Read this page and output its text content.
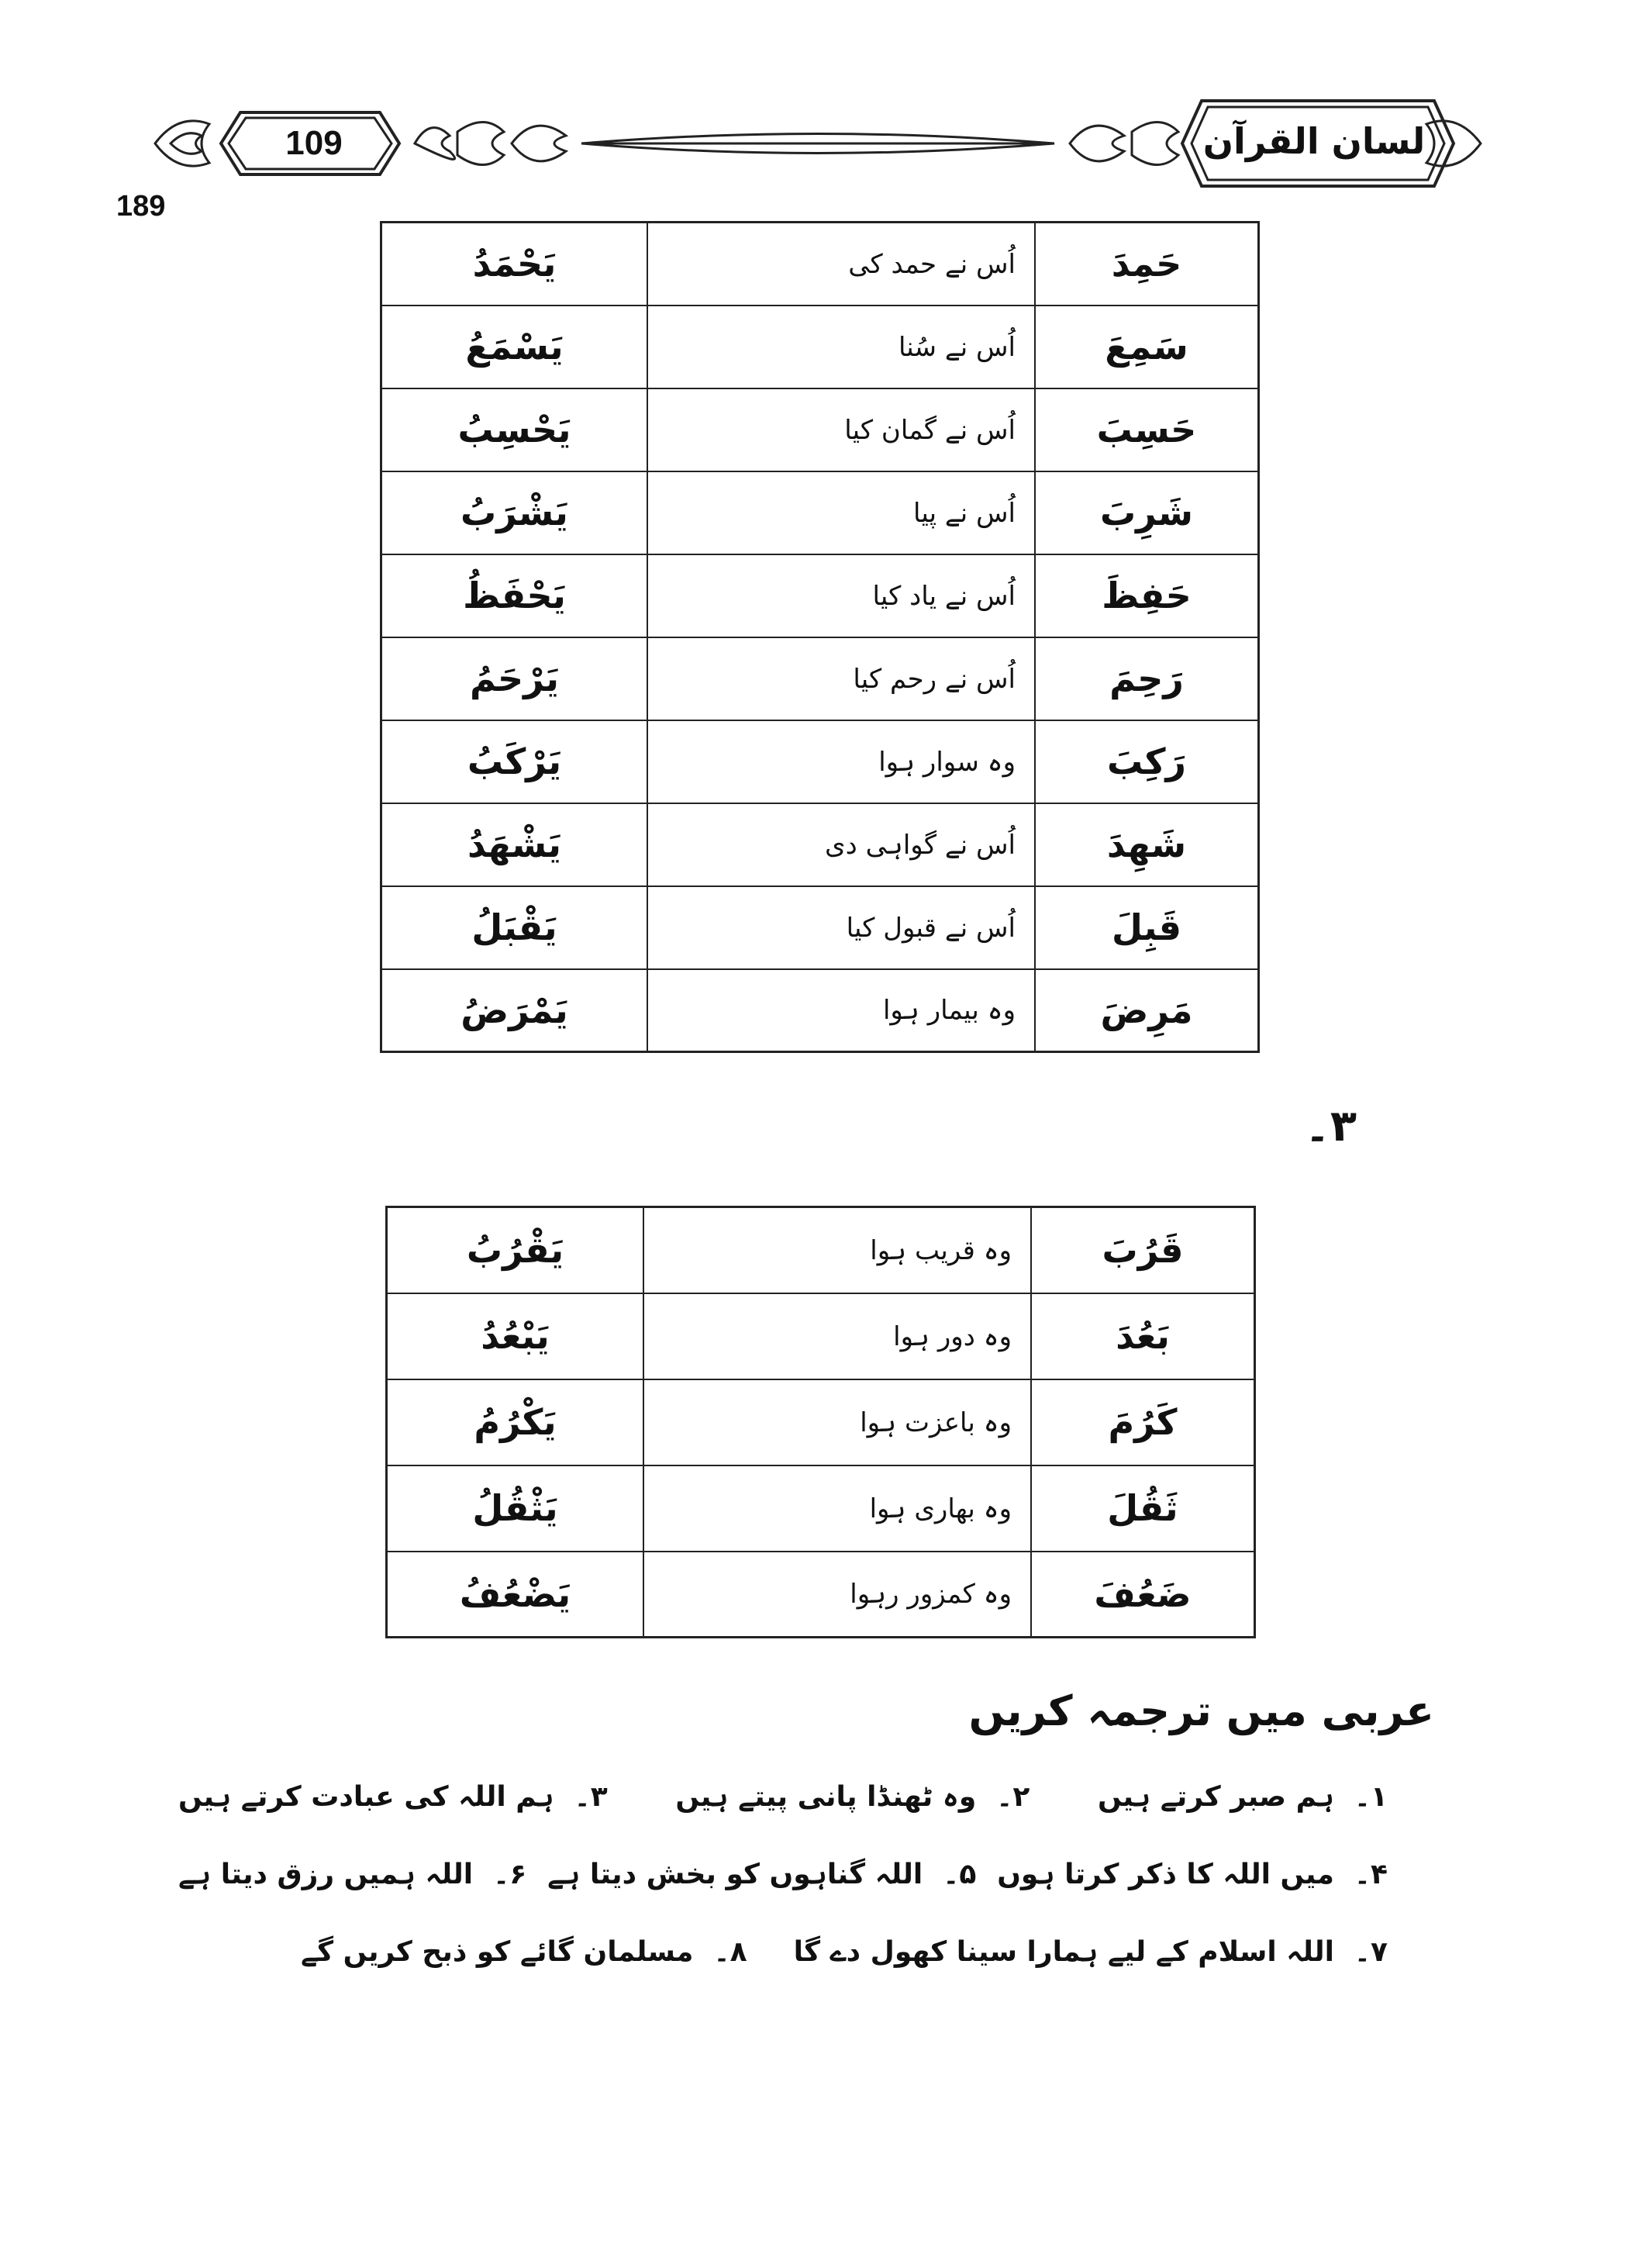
109	لسان القرآن
189
حَمِدَ	اُس نے حمد کی	یَحْمَدُ
سَمِعَ	اُس نے سُنا	یَسْمَعُ
حَسِبَ	اُس نے گمان کیا	یَحْسِبُ
شَرِبَ	اُس نے پیا	یَشْرَبُ
حَفِظَ	اُس نے یاد کیا	یَحْفَظُ
رَحِمَ	اُس نے رحم کیا	یَرْحَمُ
رَكِبَ	وہ سوار ہوا	یَرْكَبُ
شَهِدَ	اُس نے گواہی دی	یَشْهَدُ
قَبِلَ	اُس نے قبول کیا	یَقْبَلُ
مَرِضَ	وہ بیمار ہوا	یَمْرَضُ
۳۔
قَرُبَ	وہ قریب ہوا	یَقْرُبُ
بَعُدَ	وہ دور ہوا	یَبْعُدُ
كَرُمَ	وہ باعزت ہوا	یَكْرُمُ
ثَقُلَ	وہ بھاری ہوا	یَثْقُلُ
ضَعُفَ	وہ کمزور رہوا	یَضْعُفُ
عربی میں ترجمہ کریں
۱۔ہم صبر کرتے ہیں
۲۔وہ ٹھنڈا پانی پیتے ہیں
۳۔ہم اللہ کی عبادت کرتے ہیں
۴۔میں اللہ کا ذکر کرتا ہوں
۵۔اللہ گناہوں کو بخش دیتا ہے
۶۔اللہ ہمیں رزق دیتا ہے
۷۔اللہ اسلام کے لیے ہمارا سینا کھول دے گا
۸۔مسلمان گائے کو ذبح کریں گے
